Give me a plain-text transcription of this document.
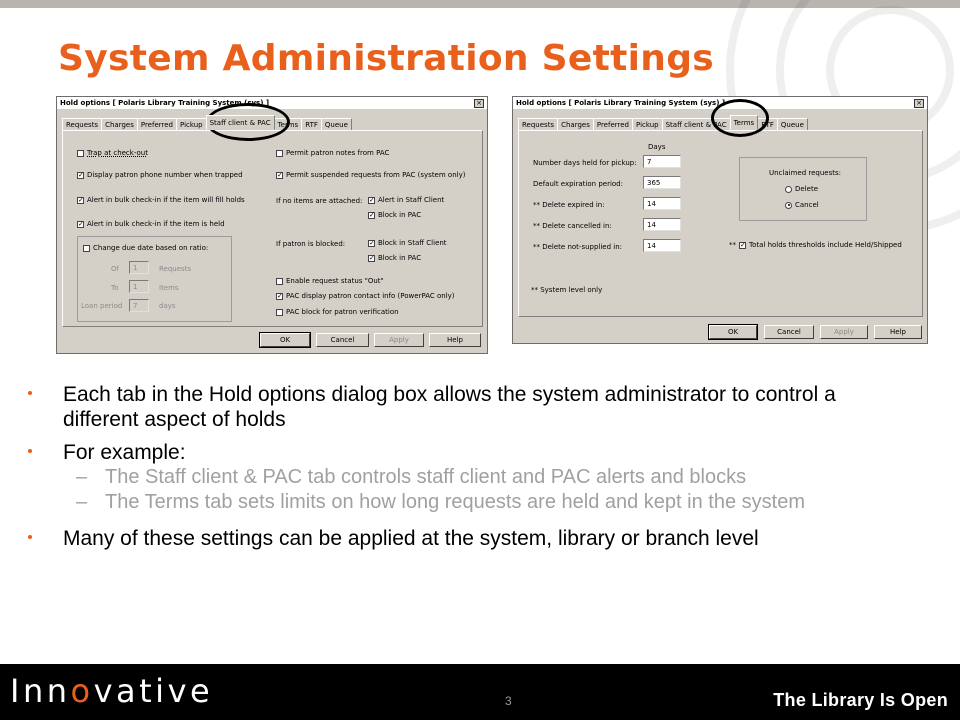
System Administration Settings
Hold options [ Polaris Library Training System (sys) ]	×
Requests	Charges	Preferred	Pickup	Staff client & PAC	Terms	RTF	Queue
Trap at check-out
✓ Display patron phone number when trapped
✓ Alert in bulk check-in if the item will fill holds
✓ Alert in bulk check-in if the item is held
Change due date based on ratio:
Of	1	Requests
To	1	Items
Loan period	7	days
Permit patron notes from PAC
✓ Permit suspended requests from PAC (system only)
If no items are attached: ✓ Alert in Staff Client
✓ Block in PAC
If patron is blocked:	✓ Block in Staff Client
✓ Block in PAC
Enable request status "Out"
✓ PAC display patron contact info (PowerPAC only)
PAC block for patron verification
OK	Cancel	Apply	Help
Hold options [ Polaris Library Training System (sys) ]	×
Requests	Charges	Preferred	Pickup	Staff client & PAC	Terms	RTF	Queue
Days
Number days held for pickup:	7
Default expiration period:	365
** Delete expired in:	14
** Delete cancelled in:	14
** Delete not-supplied in:	14
Unclaimed requests:
Delete
Cancel
** ✓ Total holds thresholds include Held/Shipped
** System level only
OK	Cancel	Apply	Help
Each tab in the Hold options dialog box allows the system administrator to control a different aspect of holds
For example:
– The Staff client & PAC tab controls staff client and PAC alerts and blocks
– The Terms tab sets limits on how long requests are held and kept in the system
Many of these settings can be applied at the system, library or branch level
Innovative	3	The Library Is Open
